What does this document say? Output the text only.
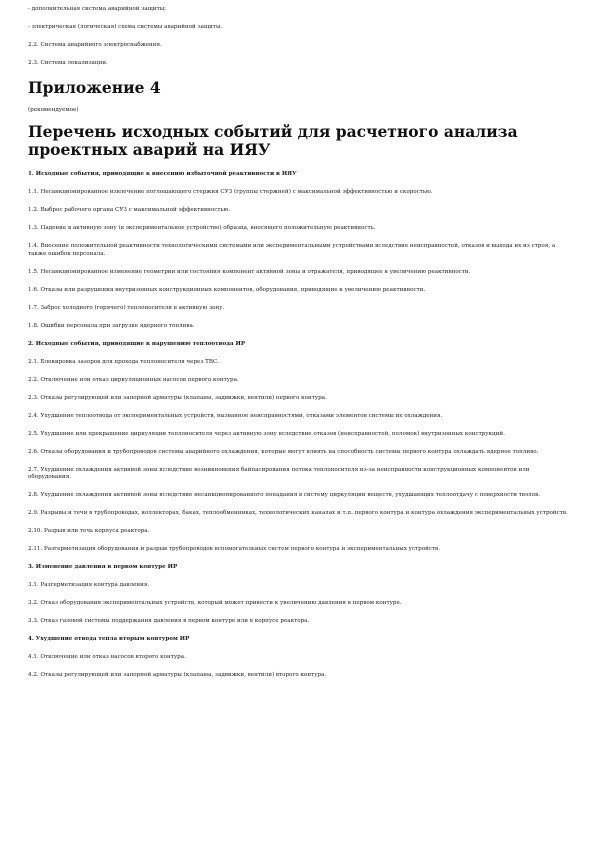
- дополнительная система аварийной защиты;

- электрическая (логическая) схема системы аварийной защиты.

2.2. Система аварийного электроснабжения.

2.3. Система локализации.

Приложение 4

(рекомендуемое)

Перечень исходных событий для расчетного анализа проектных аварий на ИЯУ

1. Исходные события, приводящие к внесению избыточной реактивности в ИЯУ

1.1. Несанкционированное извлечение поглощающего стержня СУЗ (группы стержней) с максимальной эффективностью и скоростью.

1.2. Выброс рабочего органа СУЗ с максимальной эффективностью.

1.3. Падение в активную зону (в экспериментальное устройство) образца, вносящего положительную реактивность.

1.4. Внесение положительной реактивности технологическими системами или экспериментальными устройствами вследствие неисправностей, отказов и выхода их из строя, а также ошибок персонала.

1.5. Несанкционированное изменение геометрии или состояния компонент активной зоны и отражателя, приводящее к увеличению реактивности.

1.6. Отказы или разрушения внутризонных конструкционных компонентов, оборудования, приводящие к увеличению реактивности.

1.7. Заброс холодного (горячего) теплоносителя в активную зону.

1.8. Ошибки персонала при загрузке ядерного топлива.

2. Исходные события, приводящие к нарушению теплоотвода ИР

2.1. Блокировка зазоров для прохода теплоносителя через ТВС.

2.2. Отключение или отказ циркуляционных насосов первого контура.

2.3. Отказы регулирующей или запорной арматуры (клапаны, задвижки, вентили) первого контура.

2.4. Ухудшение теплоотвода от экспериментальных устройств, вызванное неисправностями, отказами элементов системы их охлаждения.

2.5. Ухудшение или прекращение циркуляции теплоносителя через активную зону вследствие отказов (неисправностей, поломок) внутризонных конструкций.

2.6. Отказы оборудования и трубопроводов системы аварийного охлаждения, которые могут влиять на способность системы первого контура охлаждать ядерное топливо.

2.7. Ухудшение охлаждения активной зоны вследствие возникновения байпасирования потока теплоносителя из-за неисправности конструкционных компонентов или оборудования.

2.8. Ухудшение охлаждения активной зоны вследствие несанкционированного попадания в систему циркуляции веществ, ухудшающих теплоотдачу с поверхности твэлов.

2.9. Разрывы и течи в трубопроводах, коллекторах, баках, теплообменниках, технологических каналах и т.п. первого контура и контура охлаждения экспериментальных устройств.

2.10. Разрыв или течь корпуса реактора.

2.11. Разгерметизация оборудования и разрыв трубопроводов вспомогательных систем первого контура и экспериментальных устройств.

3. Изменение давления в первом контуре ИР

3.1. Разгерметизация контура давления.

3.2. Отказ оборудования экспериментальных устройств, который может привести к увеличению давления в первом контуре.

3.3. Отказ газовой системы поддержания давления в первом контуре или в корпусе реактора.

4. Ухудшение отвода тепла вторым контуром ИР

4.1. Отключение или отказ насосов второго контура.

4.2. Отказы регулирующей или запорной арматуры (клапаны, задвижки, вентили) второго контура.
